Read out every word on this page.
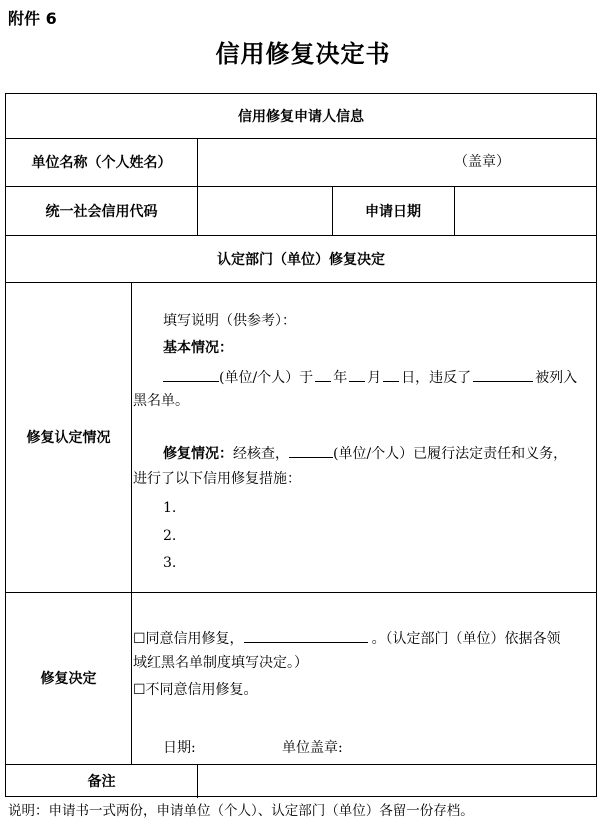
附件 6
信用修复决定书
信用修复申请人信息
单位名称（个人姓名）	（盖章）
统一社会信用代码	申请日期
认定部门（单位）修复决定
修复认定情况
填写说明（供参考）：
基本情况：
(单位/个人）于 年 月 日，违反了	被列入
黑名单。
修复情况：经核查，	(单位/个人）已履行法定责任和义务，
进行了以下信用修复措施：
1.
2.
3.
修复决定
☐同意信用修复，	。（认定部门（单位）依据各领
域红黑名单制度填写决定。）
☐不同意信用修复。
日期:	单位盖章:
备注
说明：申请书一式两份，申请单位（个人）、认定部门（单位）各留一份存档。
